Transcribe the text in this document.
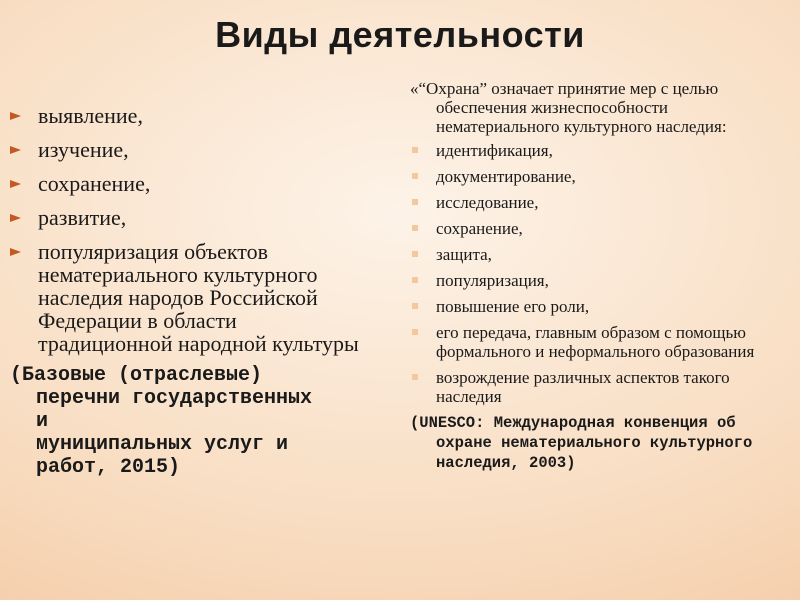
Виды деятельности
выявление,
изучение,
сохранение,
развитие,
популяризация объектов нематериального культурного наследия народов Российской Федерации в области традиционной народной культуры
(Базовые (отраслевые)
перечни государственных
и
муниципальных услуг и
работ, 2015)
«“Охрана” означает принятие мер с целью обеспечения жизнеспособности нематериального культурного наследия:
идентификация,
документирование,
исследование,
сохранение,
защита,
популяризация,
повышение его роли,
его передача, главным образом с помощью формального и неформального образования
возрождение различных аспектов такого наследия
(UNESCO: Международная конвенция об охране нематериального культурного наследия, 2003)
